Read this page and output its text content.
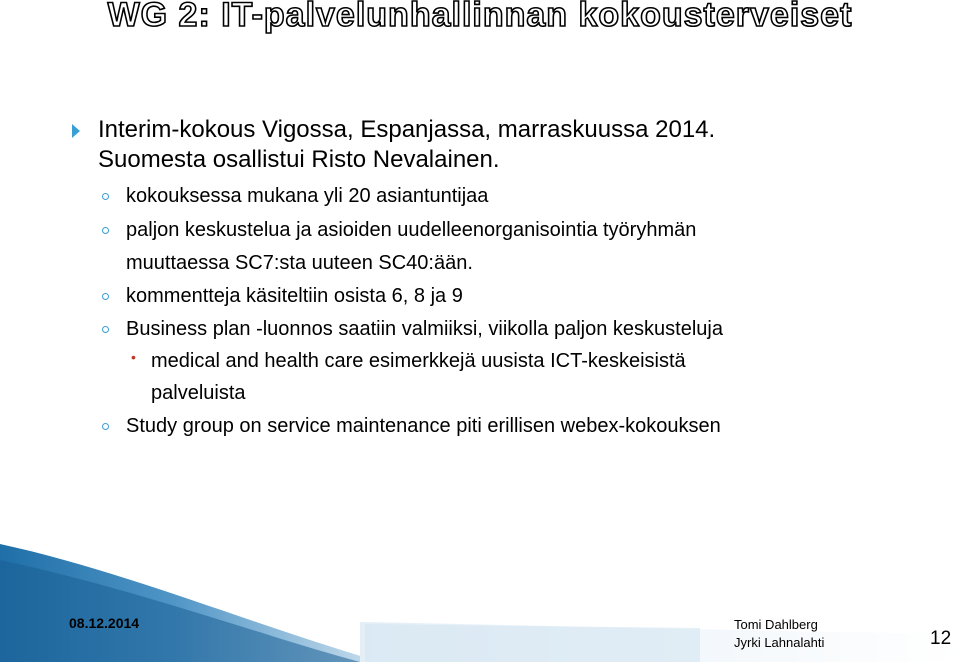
WG 2: IT-palvelunhallinnan kokousterveiset
Interim-kokous Vigossa, Espanjassa, marraskuussa 2014.
Suomesta osallistui Risto Nevalainen.
kokouksessa mukana yli 20 asiantuntijaa
paljon keskustelua ja asioiden uudelleenorganisointia työryhmän
muuttaessa SC7:sta uuteen SC40:ään.
kommentteja käsiteltiin osista 6, 8 ja 9
Business plan -luonnos saatiin valmiiksi, viikolla paljon keskusteluja
• medical and health care esimerkkejä uusista ICT-keskeisistä
palveluista
Study group on service maintenance piti erillisen webex-kokouksen
08.12.2014	Tomi Dahlberg
Jyrki Lahnalahti	12
